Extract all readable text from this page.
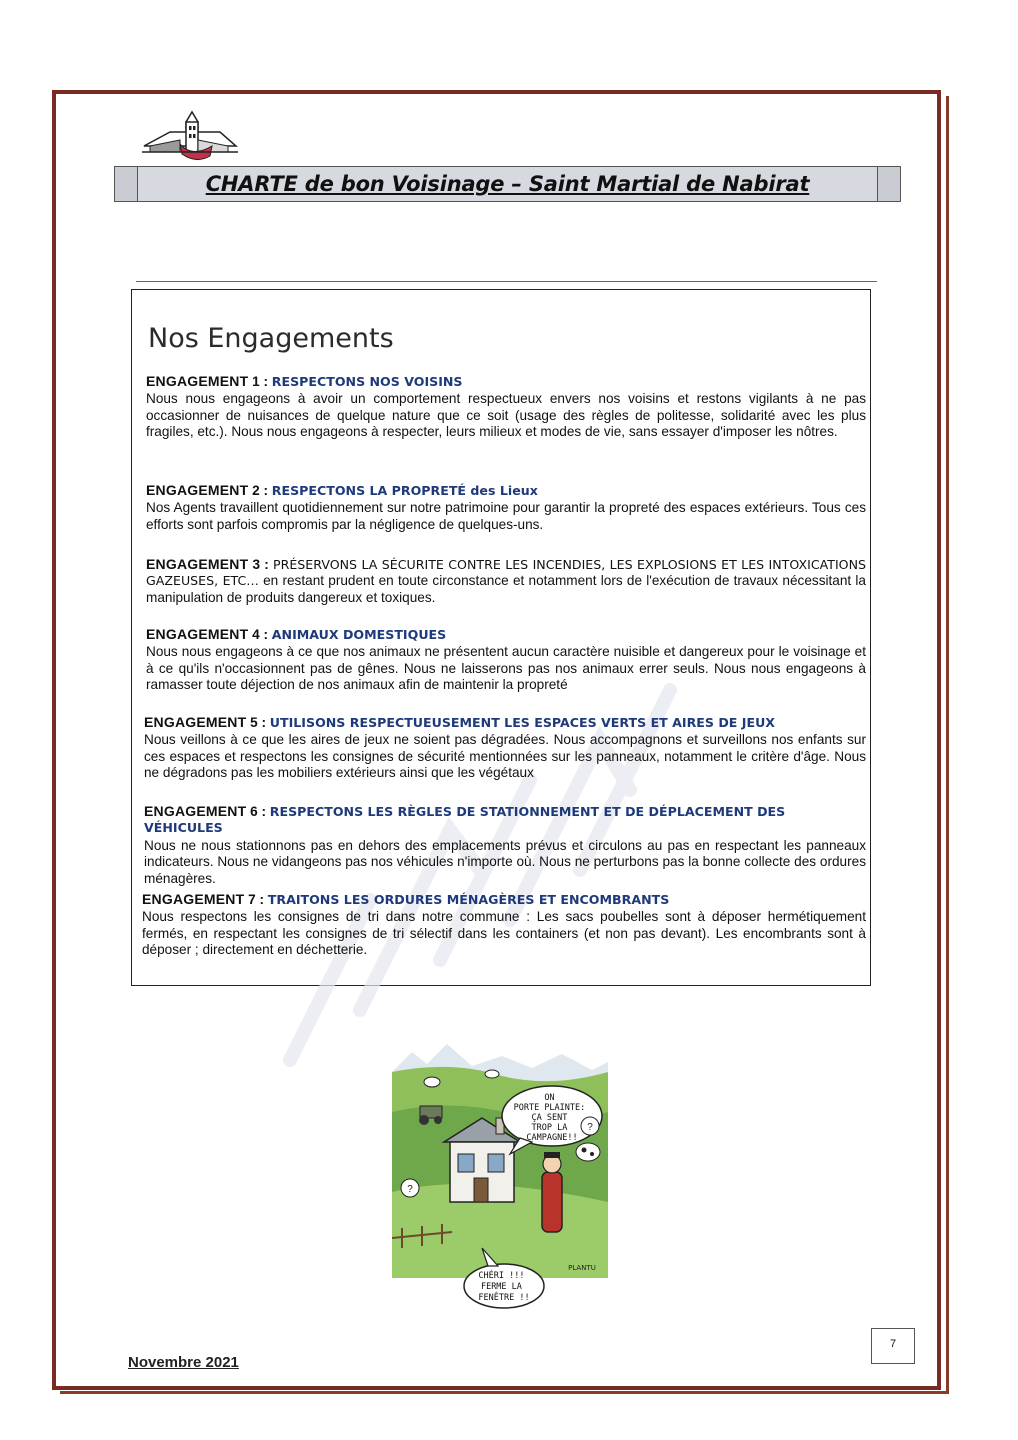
CHARTE de bon Voisinage – Saint Martial de Nabirat
Nos Engagements
ENGAGEMENT 1 : RESPECTONS NOS VOISINS

Nous nous engageons à avoir un comportement respectueux envers nos voisins et restons vigilants à ne pas occasionner de nuisances de quelque nature que ce soit (usage des règles de politesse, solidarité avec les plus fragiles, etc.). Nous nous engageons à respecter, leurs milieux et modes de vie, sans essayer d'imposer les nôtres.

ENGAGEMENT 2 : RESPECTONS LA PROPRETÉ des Lieux

Nos Agents travaillent quotidiennement sur notre patrimoine pour garantir la propreté des espaces extérieurs. Tous ces efforts sont parfois compromis par la négligence de quelques-uns.

ENGAGEMENT 3 : PRÉSERVONS LA SÉCURITE CONTRE LES INCENDIES, LES EXPLOSIONS ET LES INTOXICATIONS GAZEUSES, ETC… en restant prudent en toute circonstance et notamment lors de l'exécution de travaux nécessitant la manipulation de produits dangereux et toxiques.

ENGAGEMENT 4 : ANIMAUX DOMESTIQUES

Nous nous engageons à ce que nos animaux ne présentent aucun caractère nuisible et dangereux pour le voisinage et à ce qu'ils n'occasionnent pas de gênes. Nous ne laisserons pas nos animaux errer seuls. Nous nous engageons à ramasser toute déjection de nos animaux afin de maintenir la propreté

ENGAGEMENT 5 : UTILISONS RESPECTUEUSEMENT LES ESPACES VERTS ET AIRES DE JEUX

Nous veillons à ce que les aires de jeux ne soient pas dégradées. Nous accompagnons et surveillons nos enfants sur ces espaces et respectons les consignes de sécurité mentionnées sur les panneaux, notamment le critère d'âge. Nous ne dégradons pas les mobiliers extérieurs ainsi que les végétaux

ENGAGEMENT 6 : RESPECTONS LES RÈGLES DE STATIONNEMENT ET DE DÉPLACEMENT DES VÉHICULES

Nous ne nous stationnons pas en dehors des emplacements prévus et circulons au pas en respectant les panneaux indicateurs. Nous ne vidangeons pas nos véhicules n'importe où. Nous ne perturbons pas la bonne collecte des ordures ménagères.

ENGAGEMENT 7 : TRAITONS LES ORDURES MÉNAGÈRES ET ENCOMBRANTS

Nous respectons les consignes de tri dans notre commune : Les sacs poubelles sont à déposer hermétiquement fermés, en respectant les consignes de tri sélectif dans les containers (et non pas devant). Les encombrants sont à déposer ; directement en déchetterie.

ON PORTE PLAINTE: ÇA SENT TROP LA CAMPAGNE!!
?
?
PLANTU
CHÉRI !!! FERME LA FENÊTRE !!
7
Novembre 2021
